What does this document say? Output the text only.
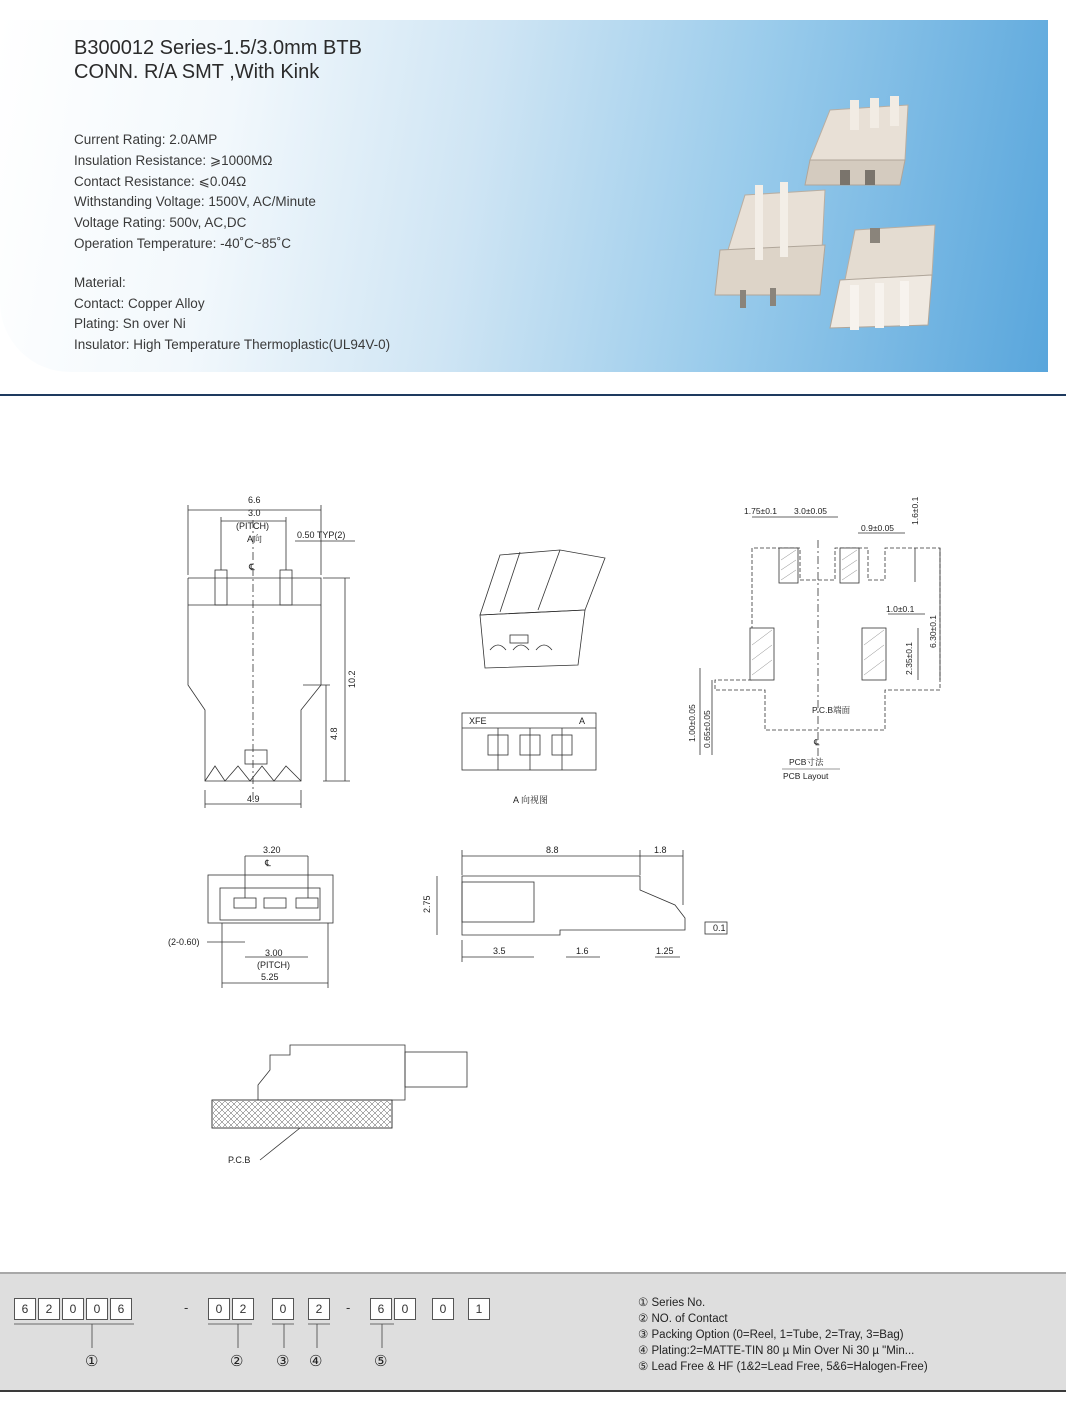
B300012 Series-1.5/3.0mm BTB
CONN. R/A SMT ,With Kink
Current Rating: 2.0AMP
Insulation Resistance: ⩾1000MΩ
Contact Resistance: ⩽0.04Ω
Withstanding Voltage: 1500V, AC/Minute
Voltage Rating: 500v, AC,DC
Operation Temperature: -40˚C~85˚C
Material:
Contact: Copper Alloy
Plating: Sn over Ni
Insulator: High Temperature Thermoplastic(UL94V-0)
6.6
3.0
(PITCH)
A向
℄
0.50 TYP(2)
10.2
4.8
4.9
XFE	A
A 向视图
1.75±0.1 3.0±0.05	1.6±0.1
0.9±0.05
1.0±0.1
6.30±0.1
2.35±0.1
1.00±0.05 0.65±0.05
P.C.B端面
℄
PCB寸法
PCB Layout
3.20
℄
(2-0.60)
3.00
(PITCH)
5.25
8.8	1.8
2.75
3.5	1.6	1.25
0.1
P.C.B
6	2	0	0	6	-	0	2	0	2	-	6	0	0	1
①	② ③ ④	⑤
① Series No.
② NO. of Contact
③ Packing Option (0=Reel, 1=Tube, 2=Tray, 3=Bag)
④ Plating:2=MATTE-TIN 80 µ Min Over Ni 30 µ "Min...
⑤ Lead Free & HF (1&2=Lead Free, 5&6=Halogen-Free)
